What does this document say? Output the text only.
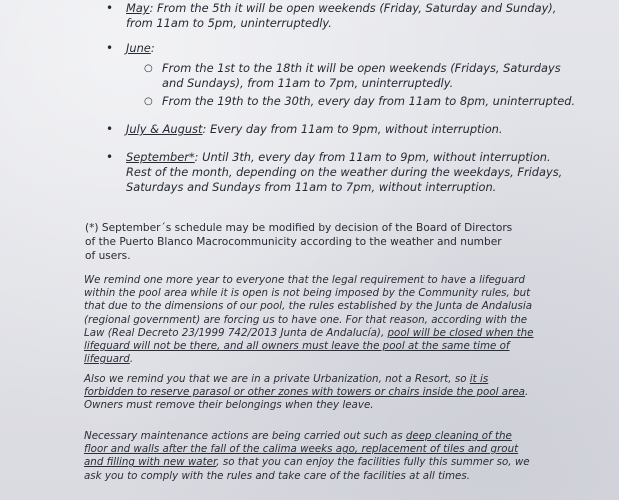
• May: From the 5th it will be open weekends (Friday, Saturday and Sunday), from 11am to 5pm, uninterruptedly.
• June:
○ From the 1st to the 18th it will be open weekends (Fridays, Saturdays and Sundays), from 11am to 7pm, uninterruptedly.
○ From the 19th to the 30th, every day from 11am to 8pm, uninterrupted.
• July & August: Every day from 11am to 9pm, without interruption.
• September*: Until 3th, every day from 11am to 9pm, without interruption. Rest of the month, depending on the weather during the weekdays, Fridays, Saturdays and Sundays from 11am to 7pm, without interruption.
(*) September´s schedule may be modified by decision of the Board of Directors of the Puerto Blanco Macrocommunicity according to the weather and number of users.
We remind one more year to everyone that the legal requirement to have a lifeguard within the pool area while it is open is not being imposed by the Community rules, but that due to the dimensions of our pool, the rules established by the Junta de Andalusia (regional government) are forcing us to have one. For that reason, according with the Law (Real Decreto 23/1999 742/2013 Junta de Andalucía), pool will be closed when the lifeguard will not be there, and all owners must leave the pool at the same time of lifeguard.
Also we remind you that we are in a private Urbanization, not a Resort, so it is forbidden to reserve parasol or other zones with towers or chairs inside the pool area. Owners must remove their belongings when they leave.
Necessary maintenance actions are being carried out such as deep cleaning of the floor and walls after the fall of the calima weeks ago, replacement of tiles and grout and filling with new water, so that you can enjoy the facilities fully this summer so, we ask you to comply with the rules and take care of the facilities at all times.
